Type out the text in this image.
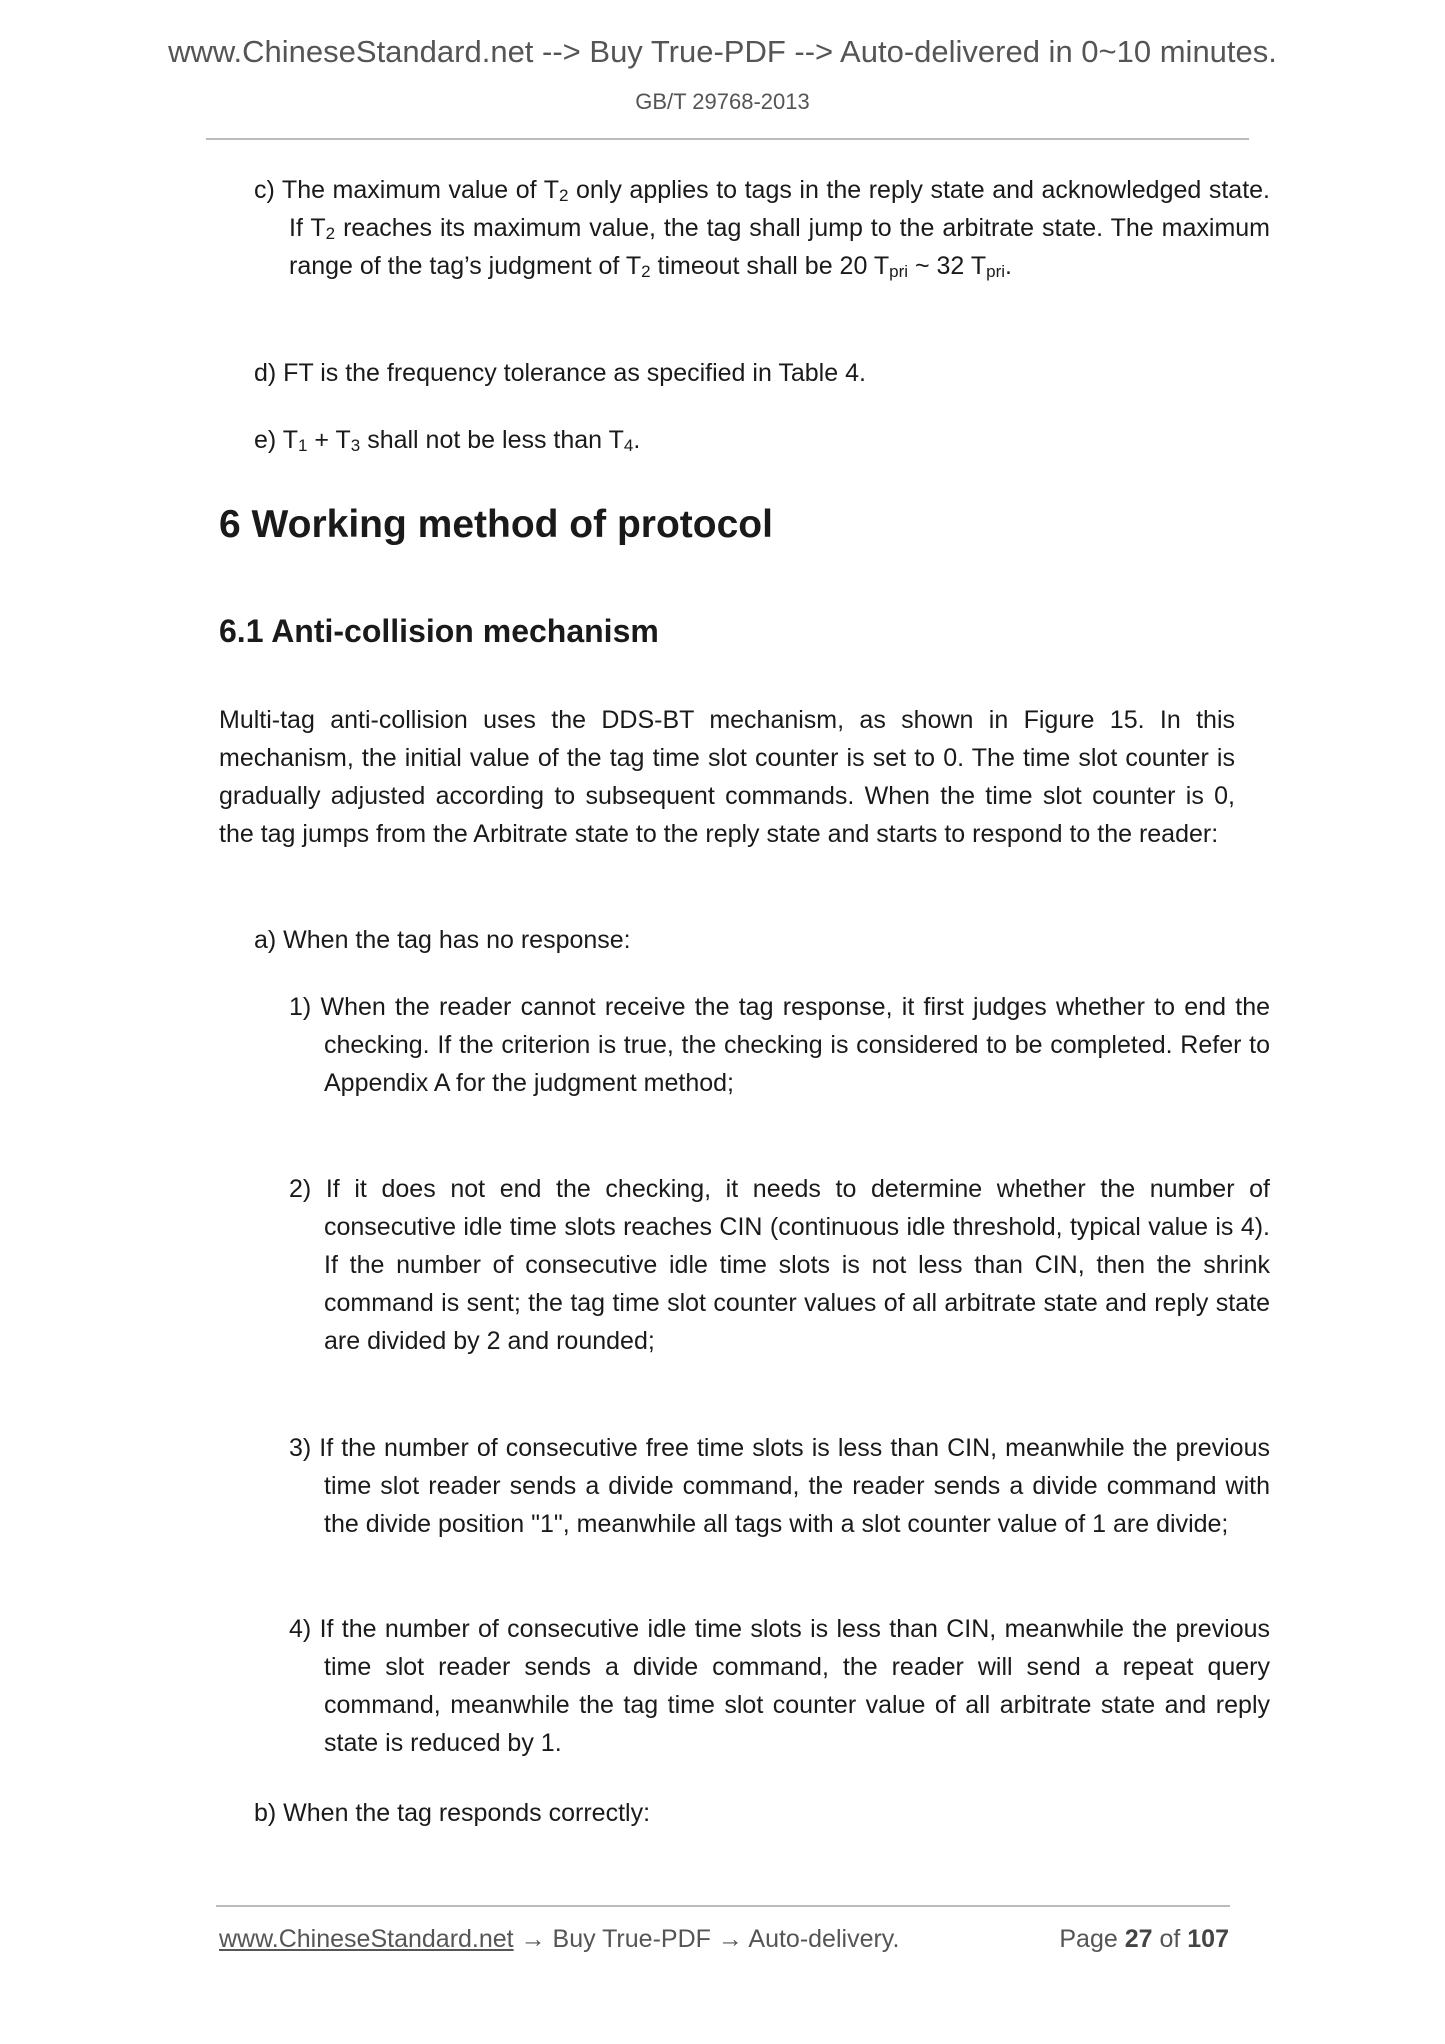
www.ChineseStandard.net --> Buy True-PDF --> Auto-delivered in 0~10 minutes.
GB/T 29768-2013
c) The maximum value of $T_2$ only applies to tags in the reply state and acknowledged state. If $T_2$ reaches its maximum value, the tag shall jump to the arbitrate state. The maximum range of the tag’s judgment of $T_2$ timeout shall be 20 $T_{pri}$ ~ 32 $T_{pri}$.
d) FT is the frequency tolerance as specified in Table 4.
e) $T_1 + T_3$ shall not be less than $T_4$.
6 Working method of protocol
6.1 Anti-collision mechanism
Multi-tag anti-collision uses the DDS-BT mechanism, as shown in Figure 15. In this mechanism, the initial value of the tag time slot counter is set to 0. The time slot counter is gradually adjusted according to subsequent commands. When the time slot counter is 0, the tag jumps from the Arbitrate state to the reply state and starts to respond to the reader:
a) When the tag has no response:
1) When the reader cannot receive the tag response, it first judges whether to end the checking. If the criterion is true, the checking is considered to be completed. Refer to Appendix A for the judgment method;
2) If it does not end the checking, it needs to determine whether the number of consecutive idle time slots reaches CIN (continuous idle threshold, typical value is 4). If the number of consecutive idle time slots is not less than CIN, then the shrink command is sent; the tag time slot counter values of all arbitrate state and reply state are divided by 2 and rounded;
3) If the number of consecutive free time slots is less than CIN, meanwhile the previous time slot reader sends a divide command, the reader sends a divide command with the divide position "1", meanwhile all tags with a slot counter value of 1 are divide;
4) If the number of consecutive idle time slots is less than CIN, meanwhile the previous time slot reader sends a divide command, the reader will send a repeat query command, meanwhile the tag time slot counter value of all arbitrate state and reply state is reduced by 1.
b) When the tag responds correctly:
www.ChineseStandard.net → Buy True-PDF → Auto-delivery.	Page 27 of 107
